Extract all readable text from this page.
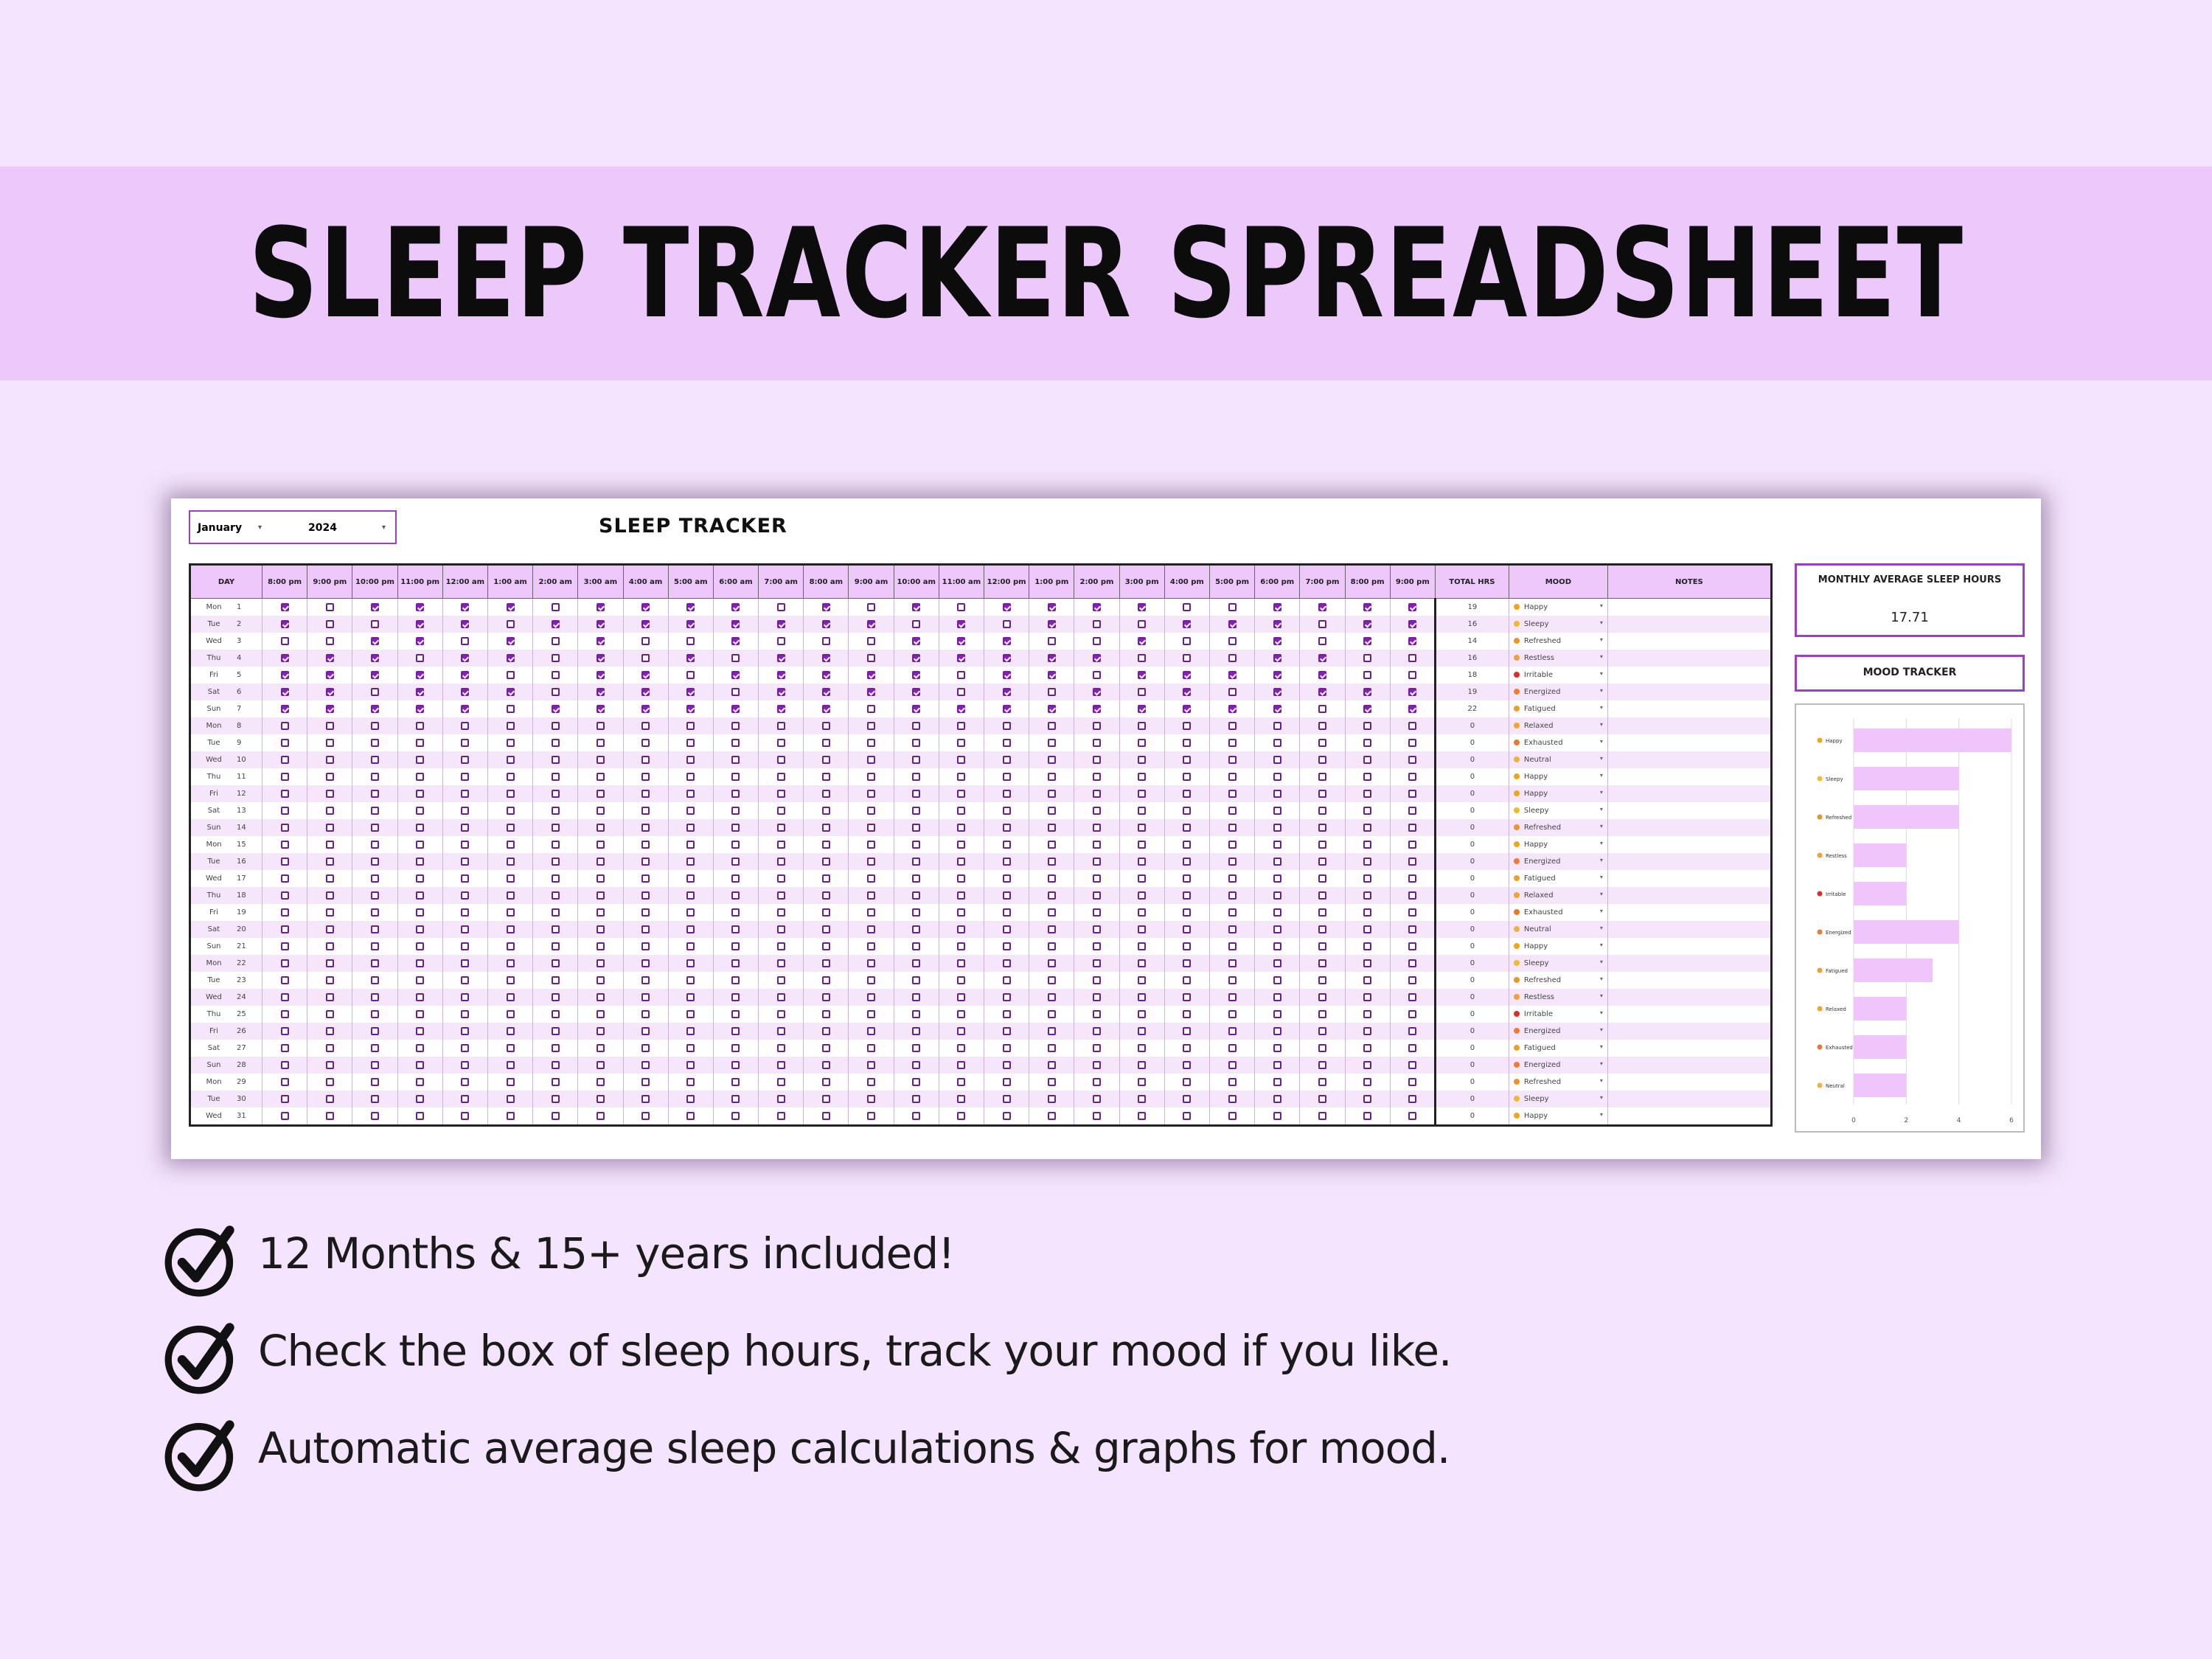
SLEEP TRACKER SPREADSHEET
January ▾	2024	▾	SLEEP TRACKER
DAY	8:00 pm	9:00 pm	10:00 pm	11:00 pm	12:00 am	1:00 am	2:00 am	3:00 am	4:00 am	5:00 am	6:00 am	7:00 am	8:00 am	9:00 am	10:00 am	11:00 am	12:00 pm	1:00 pm	2:00 pm	3:00 pm	4:00 pm	5:00 pm	6:00 pm	7:00 pm	8:00 pm	9:00 pm	TOTAL HRS	MOOD	NOTES
Mon 1																											19	Happy ▾	

Tue 2																											16	Sleepy ▾	

Wed 3																											14	Refreshed ▾	

Thu 4																											16	Restless ▾	

Fri 5																											18	Irritable ▾	

Sat 6																											19	Energized ▾	

Sun 7																											22	Fatigued ▾	

Mon 8																											0	Relaxed ▾	

Tue 9																											0	Exhausted ▾	

Wed 10																											0	Neutral ▾	

Thu 11																											0	Happy ▾	

Fri 12																											0	Happy ▾	

Sat 13																											0	Sleepy ▾	

Sun 14																											0	Refreshed ▾	

Mon 15																											0	Happy ▾	

Tue 16																											0	Energized ▾	

Wed 17																											0	Fatigued ▾	

Thu 18																											0	Relaxed ▾	

Fri 19																											0	Exhausted ▾	

Sat 20																											0	Neutral ▾	

Sun 21																											0	Happy ▾	

Mon 22																											0	Sleepy ▾	

Tue 23																											0	Refreshed ▾	

Wed 24																											0	Restless ▾	

Thu 25																											0	Irritable ▾	

Fri 26																											0	Energized ▾	

Sat 27																											0	Fatigued ▾	

Sun 28																											0	Energized ▾	

Mon 29																											0	Refreshed ▾	

Tue 30																											0	Sleepy ▾	

Wed 31																											0	Happy ▾	

MONTHLY AVERAGE SLEEP HOURS
17.71
MOOD TRACKER
0	2	4	6
Happy
Sleepy
Refreshed
Restless
Irritable
Energized
Fatigued
Relaxed
Exhausted
Neutral
12 Months & 15+ years included!
Check the box of sleep hours, track your mood if you like.
Automatic average sleep calculations & graphs for mood.
